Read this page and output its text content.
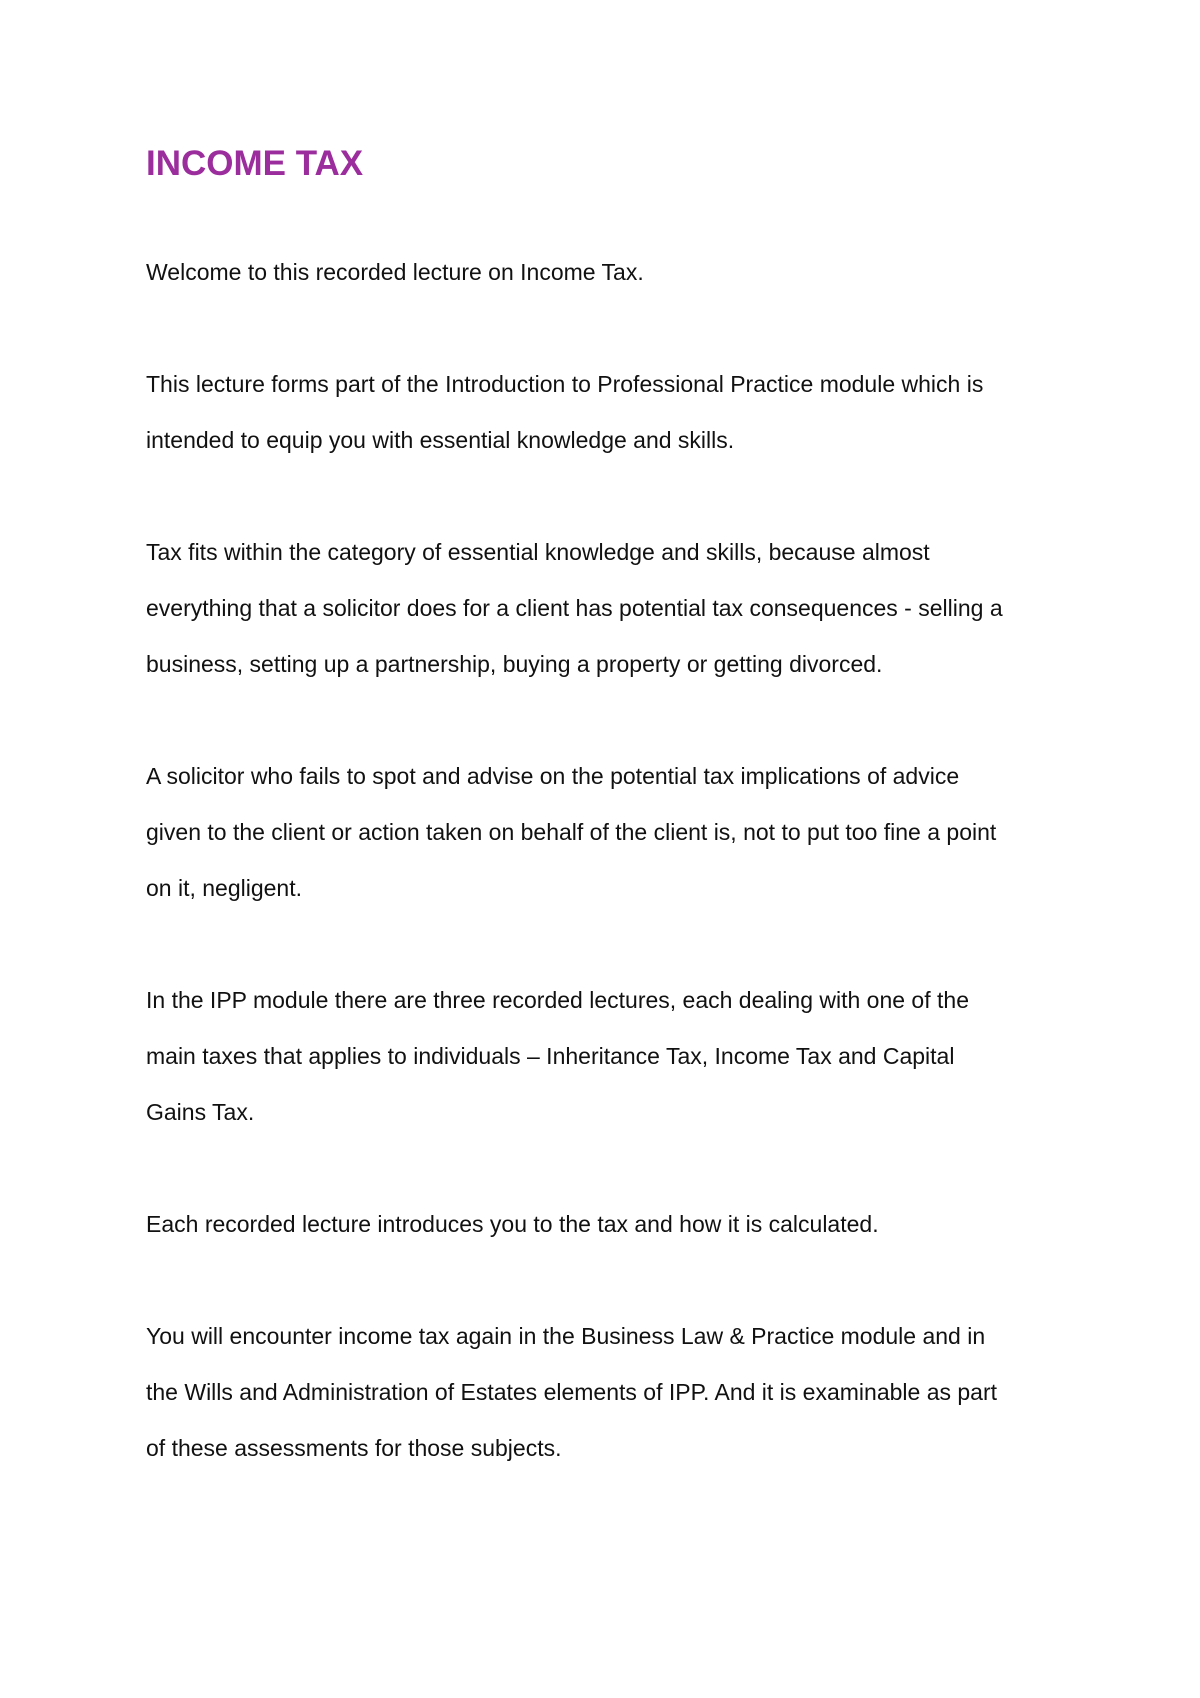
INCOME TAX

Welcome to this recorded lecture on Income Tax.

This lecture forms part of the Introduction to Professional Practice module which is
intended to equip you with essential knowledge and skills.

Tax fits within the category of essential knowledge and skills, because almost
everything that a solicitor does for a client has potential tax consequences - selling a
business, setting up a partnership, buying a property or getting divorced.

A solicitor who fails to spot and advise on the potential tax implications of advice
given to the client or action taken on behalf of the client is, not to put too fine a point
on it, negligent.

In the IPP module there are three recorded lectures, each dealing with one of the
main taxes that applies to individuals – Inheritance Tax, Income Tax and Capital
Gains Tax.

Each recorded lecture introduces you to the tax and how it is calculated.

You will encounter income tax again in the Business Law & Practice module and in
the Wills and Administration of Estates elements of IPP. And it is examinable as part
of these assessments for those subjects.
